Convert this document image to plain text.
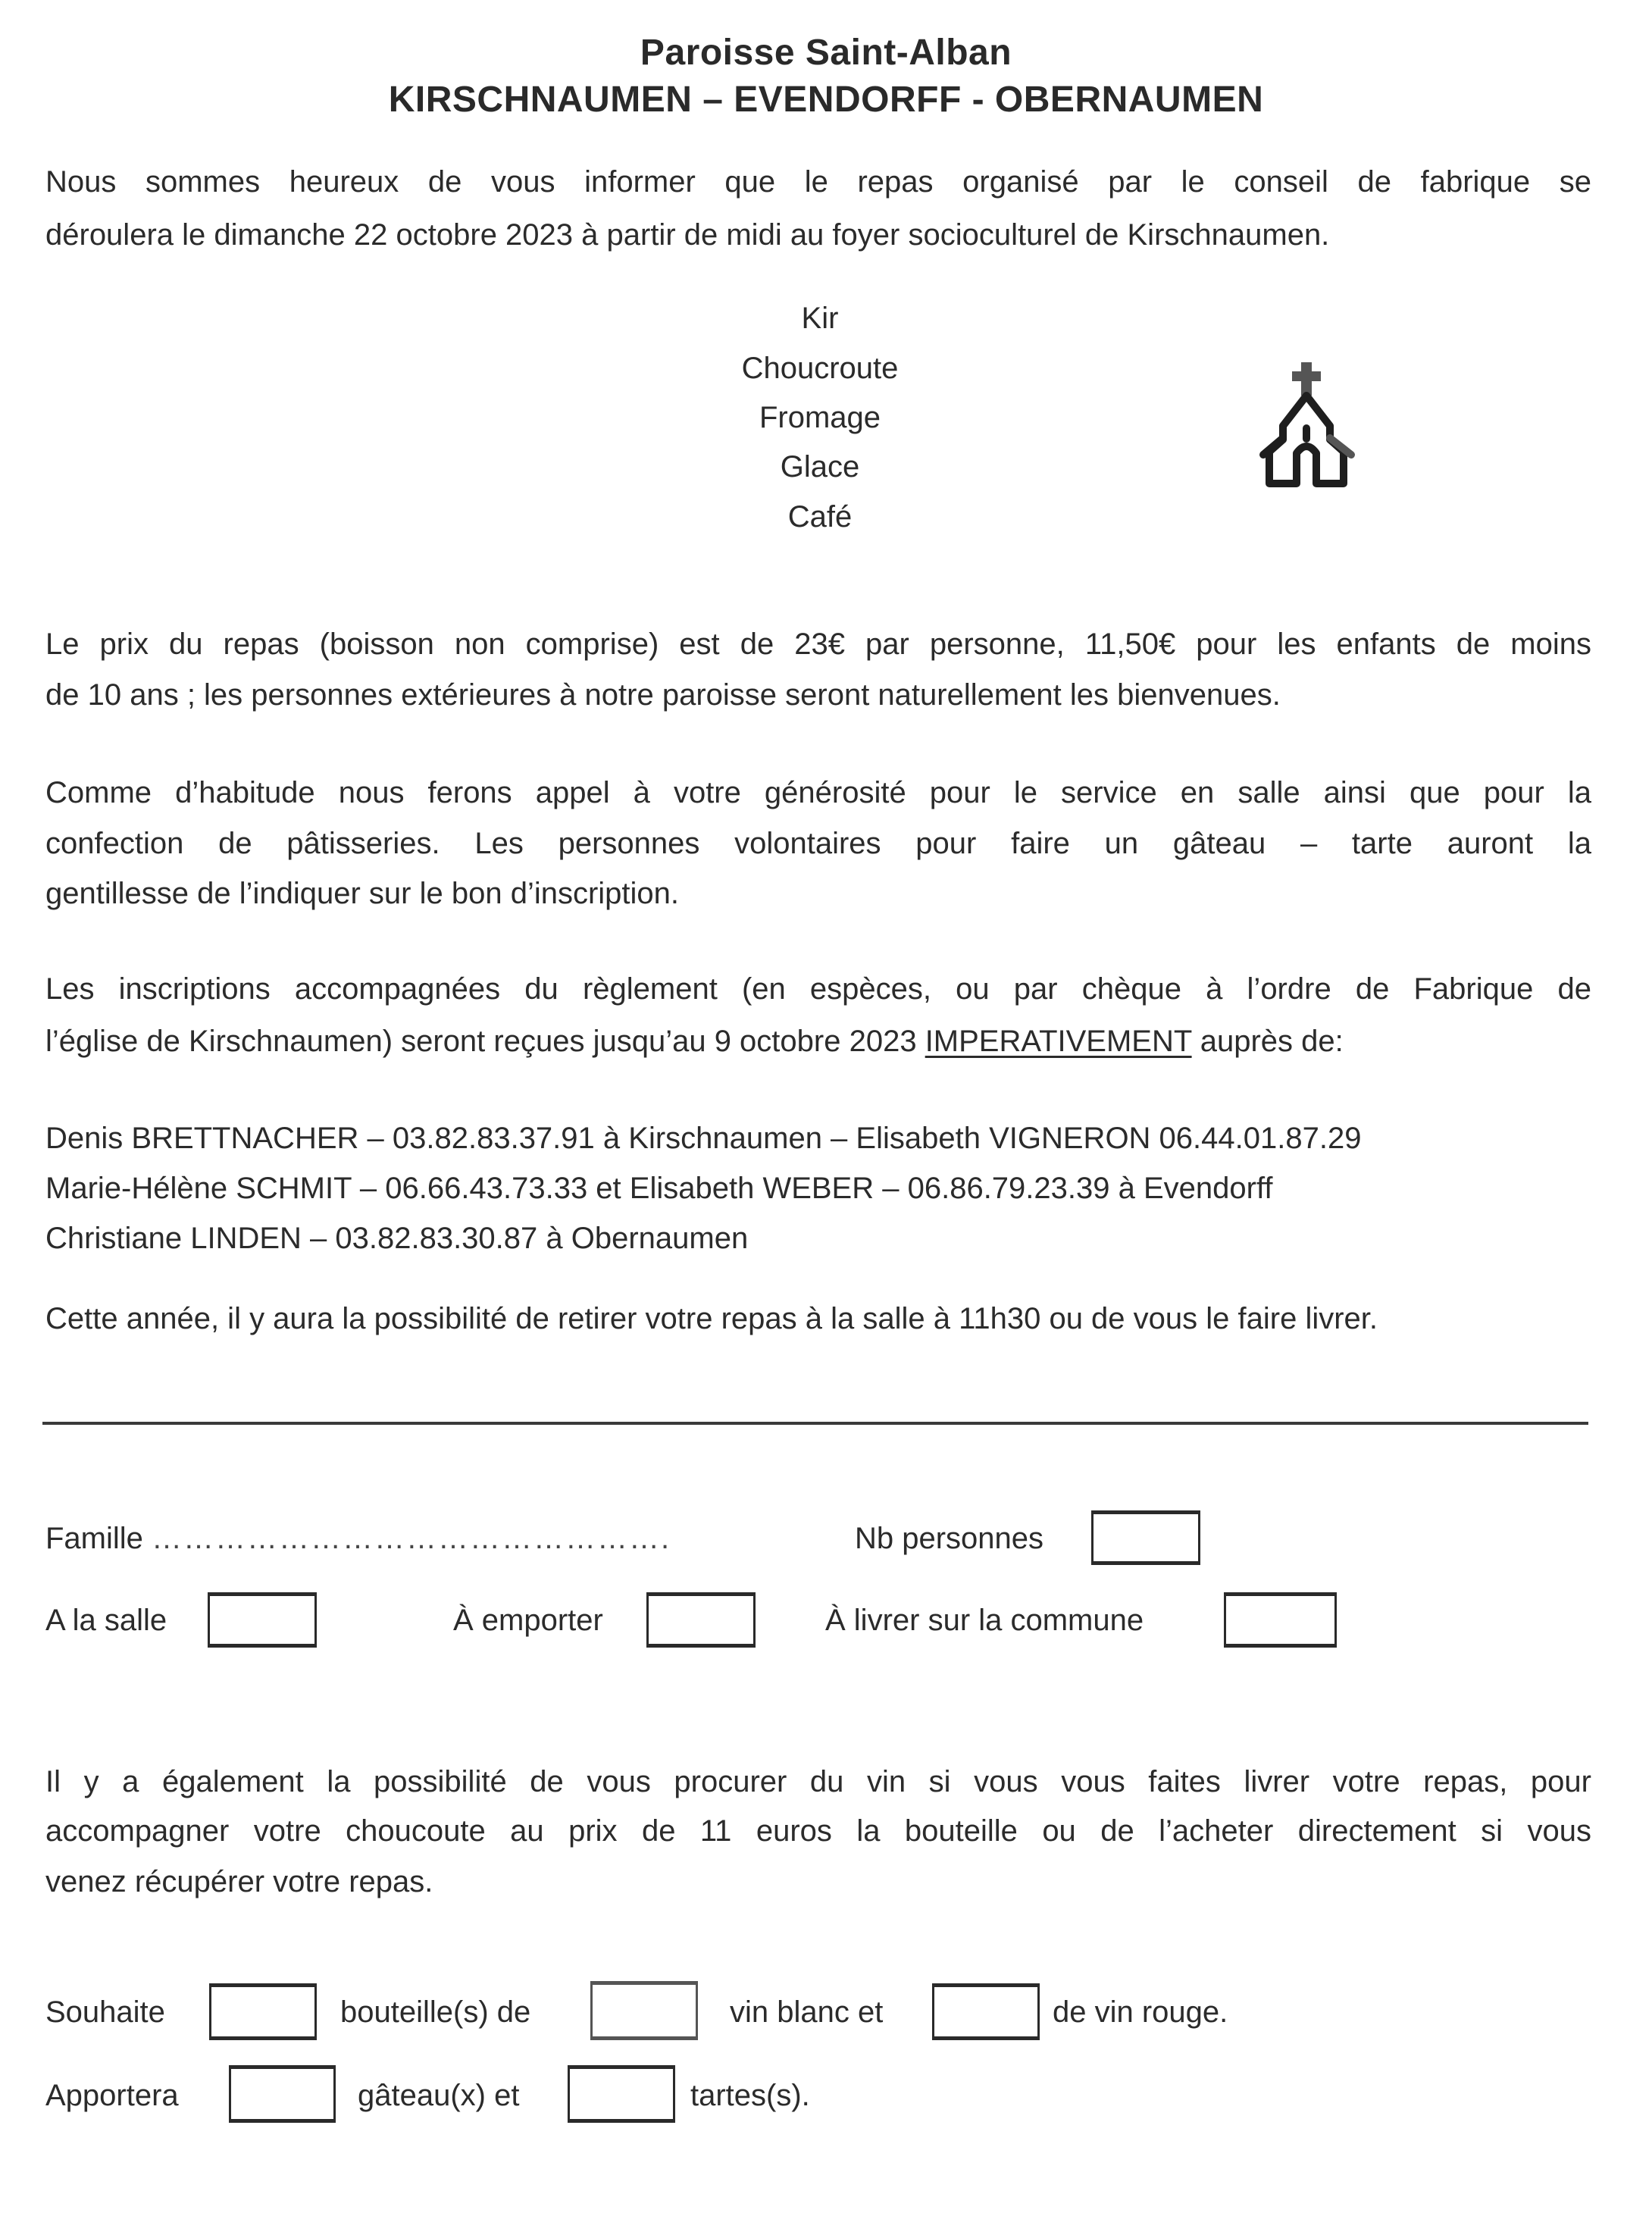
Paroisse Saint-Alban
KIRSCHNAUMEN – EVENDORFF - OBERNAUMEN
Nous sommes heureux de vous informer que le repas organisé par le conseil de fabrique se
déroulera le dimanche 22 octobre 2023 à partir de midi au foyer socioculturel de Kirschnaumen.
Kir
Choucroute
Fromage
Glace
Café
Le prix du repas (boisson non comprise) est de 23€ par personne, 11,50€ pour les enfants de moins
de 10 ans ; les personnes extérieures à notre paroisse seront naturellement les bienvenues.
Comme d’habitude nous ferons appel à votre générosité pour le service en salle ainsi que pour la
confection de pâtisseries. Les personnes volontaires pour faire un gâteau – tarte auront la
gentillesse de l’indiquer sur le bon d’inscription.
Les inscriptions accompagnées du règlement (en espèces, ou par chèque à l’ordre de Fabrique de
l’église de Kirschnaumen) seront reçues jusqu’au 9 octobre 2023 IMPERATIVEMENT auprès de:
Denis BRETTNACHER – 03.82.83.37.91 à Kirschnaumen – Elisabeth VIGNERON 06.44.01.87.29
Marie-Hélène SCHMIT – 06.66.43.73.33 et Elisabeth WEBER – 06.86.79.23.39 à Evendorff
Christiane LINDEN – 03.82.83.30.87 à Obernaumen
Cette année, il y aura la possibilité de retirer votre repas à la salle à 11h30 ou de vous le faire livrer.
Famille ………………………………………….	Nb personnes
A la salle	À emporter	À livrer sur la commune
Il y a également la possibilité de vous procurer du vin si vous vous faites livrer votre repas, pour
accompagner votre choucoute au prix de 11 euros la bouteille ou de l’acheter directement si vous
venez récupérer votre repas.
Souhaite	bouteille(s) de	vin blanc et	de vin rouge.
Apportera	gâteau(x) et	tartes(s).
